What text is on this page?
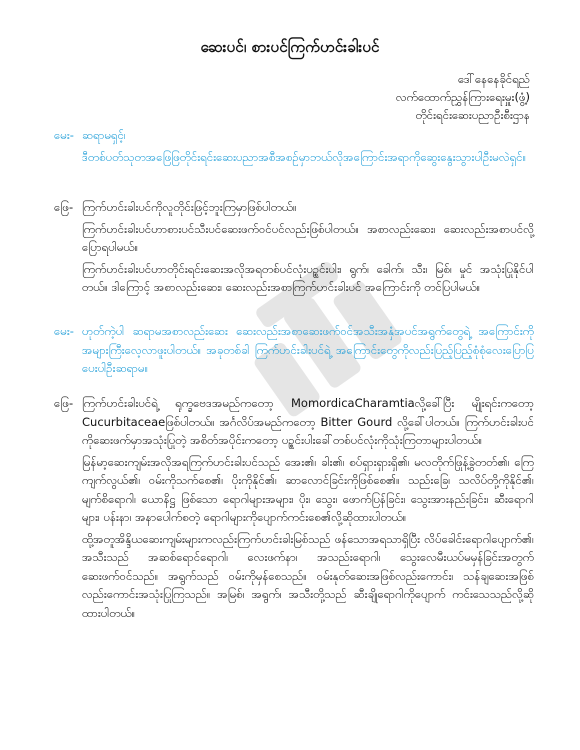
ဆေးပင်၊ စားပင်ကြက်ဟင်းခါးပင်
ဒေါ်နေနေခိုင်ရည်
လက်ထောက်ညွှန်ကြားရေးမှူး(ဖွံ့)
တိုင်းရင်းဆေးပညာဦးစီးဌာန
မေး- ဆရာမရှင့်၊

ဒီတစ်ပတ်သုတအဖြေဖြတိုင်းရင်းဆေးပညာအစီအစဉ်မှာဘယ်လိုအကြောင်းအရာကိုဆွေးနွေးသွားပါဦးမလဲရှင်။

ဖြေ- ကြက်ဟင်းခါးပင်ကိုလူတိုင်းဖြင့်ဘူးကြမှာဖြစ်ပါတယ်။

ကြက်ဟင်းခါးပင်ဟာစားပင်သီးပင်ဆေးဖက်ဝင်ပင်လည်းဖြစ်ပါတယ်။ အစာလည်းဆေး၊ ဆေးလည်းအစာပင်လို့ပြောရပါမယ်။

ကြက်ဟင်းခါးပင်ဟာတိုင်းရင်းဆေးအလိုအရတစ်ပင်လုံးပဥ္စင်းပါး၊ ရွက်၊ ခေါက်၊ သီး၊ မြစ်၊ မှုင် အသုံးပြုနိုင်ပါတယ်။ ဒါကြောင့် အစာလည်းဆေး၊ ဆေးလည်းအစာကြက်ဟင်းခါးပင် အကြောင်းကို တင်ပြပါမယ်။

မေး- ဟုတ်ကဲ့ပါ ဆရာမအစာလည်းဆေး ဆေးလည်းအစာဆေးဖက်ဝင်အသီးအနှံအပင်အရွက်တွေရဲ့ အကြောင်းကိုအများကြီးလေ့လာဖူးပါတယ်။ အခုတစ်ခါ ကြက်ဟင်းခါးပင်ရဲ့ အကြောင်းတွေကိုလည်းပြည့်ပြည့်စုံစုံလေးပြောပြပေးပါဦးဆရာမ။

ဖြေ- ကြက်ဟင်းခါးပင်ရဲ့ ရုက္ခဗေဒအမည်ကတော့ MomordicaCharamtiaလို့ခေါ်ပြီး မျိုးရင်းကတော့ Cucurbitaceaeဖြစ်ပါတယ်။ အင်္ဂလိပ်အမည်ကတော့ Bitter Gourd လို့ခေါ်ပါတယ်။ ကြက်ဟင်းခါးပင်ကိုဆေးဖက်မှာအသုံးပြုတဲ့ အစိတ်အပိုင်းကတော့ ပဥ္စင်းပါးခေါ်တစ်ပင်လုံးကိုသုံးကြတာများပါတယ်။

မြန်မာ့ဆေးကျမ်းအလိုအရကြက်ဟင်းခါးပင်သည် အေး၏၊ ခါး၏၊ စပ်ရှားရှားရှိ၏၊ မလတိုက်ဖြုန့်ခွဲတတ်၏၊ ကြေကျက်လွယ်၏၊ ဝမ်းကိုသက်စေ၏၊ ပိုးကိုနိုင်၏၊ ဆာလောင်ခြင်းကိုဖြစ်စေ၏။ သည်းခြေ၊ သလိပ်တို့ကိုနိုင်၏၊ မျက်စိရောဂါ၊ ယောနိဋ္ဌ ဖြစ်သော ရောဂါများအများ၊ ပိုး၊ သွေး၊ ဖောက်ပြန်ခြင်း၊ သွေးအားနည်းခြင်း၊ ဆီးရောဂါများ၊ ပန်းနာ၊ အနာပေါက်စတဲ့ ရောဂါများကိုပျောက်ကင်းစေ၏လို့ဆိုထားပါတယ်။

ထို့အတူအိန္ဒိယဆေးကျမ်းများကလည်းကြက်ဟင်းခါးမြစ်သည် ဖန်သောအရသာရှိပြီး လိပ်ခေါင်းရောဂါပျောက်၏၊ အသီးသည် အဆစ်ရောင်ရောဂါ၊ လေးဖက်နာ၊ အသည်းရောဂါ၊ သွေးလေမီးယပ်မမှန်ခြင်းအတွက် ဆေးဖက်ဝင်သည်။ အရွက်သည် ဝမ်းကိုမှန်စေသည်။ ဝမ်းနုတ်ဆေးအဖြစ်လည်းကောင်း၊ သန်ချဆေးအဖြစ်လည်းကောင်းအသုံးပြုကြသည်။ အမြစ်၊ အရွက်၊ အသီးတို့သည် ဆီးချိုရောဂါကိုပျောက် ကင်းသေသည်လို့ဆိုထားပါတယ်။
